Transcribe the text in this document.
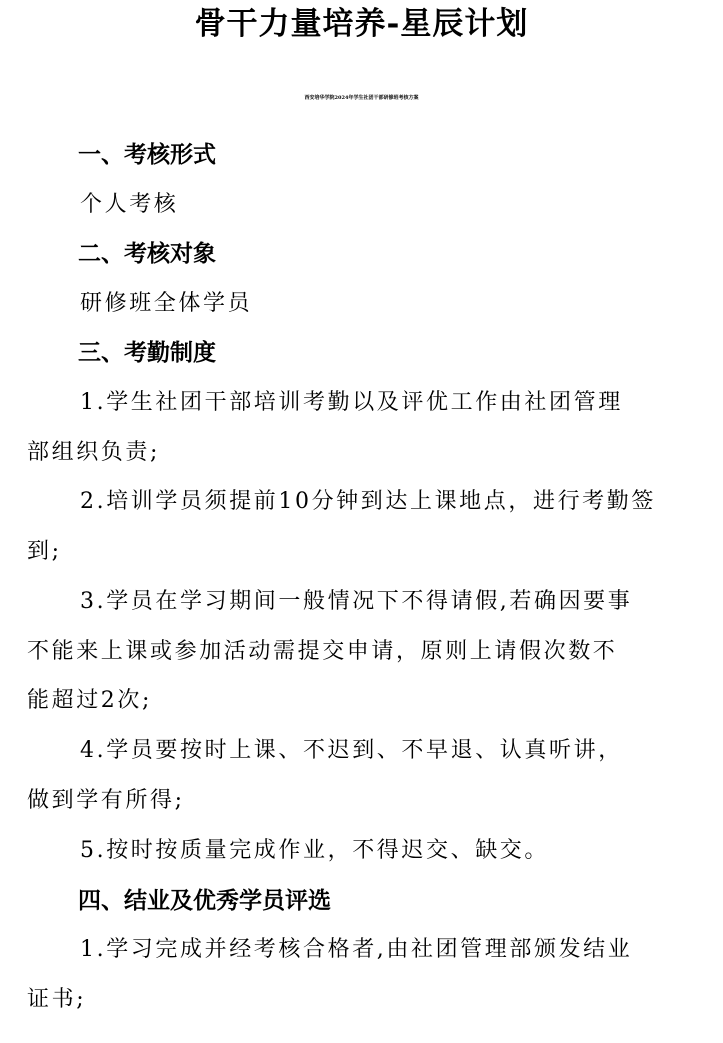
骨干力量培养-星辰计划
西安培华学院2024年学生社团干部研修班考核方案

一、考核形式

个人考核

二、考核对象

研修班全体学员

三、考勤制度

1.学生社团干部培训考勤以及评优工作由社团管理

部组织负责;

2.培训学员须提前10分钟到达上课地点，进行考勤签

到;

3.学员在学习期间一般情况下不得请假,若确因要事

不能来上课或参加活动需提交申请，原则上请假次数不

能超过2次;

4.学员要按时上课、不迟到、不早退、认真听讲，

做到学有所得;

5.按时按质量完成作业，不得迟交、缺交。

四、结业及优秀学员评选

1.学习完成并经考核合格者,由社团管理部颁发结业

证书;
